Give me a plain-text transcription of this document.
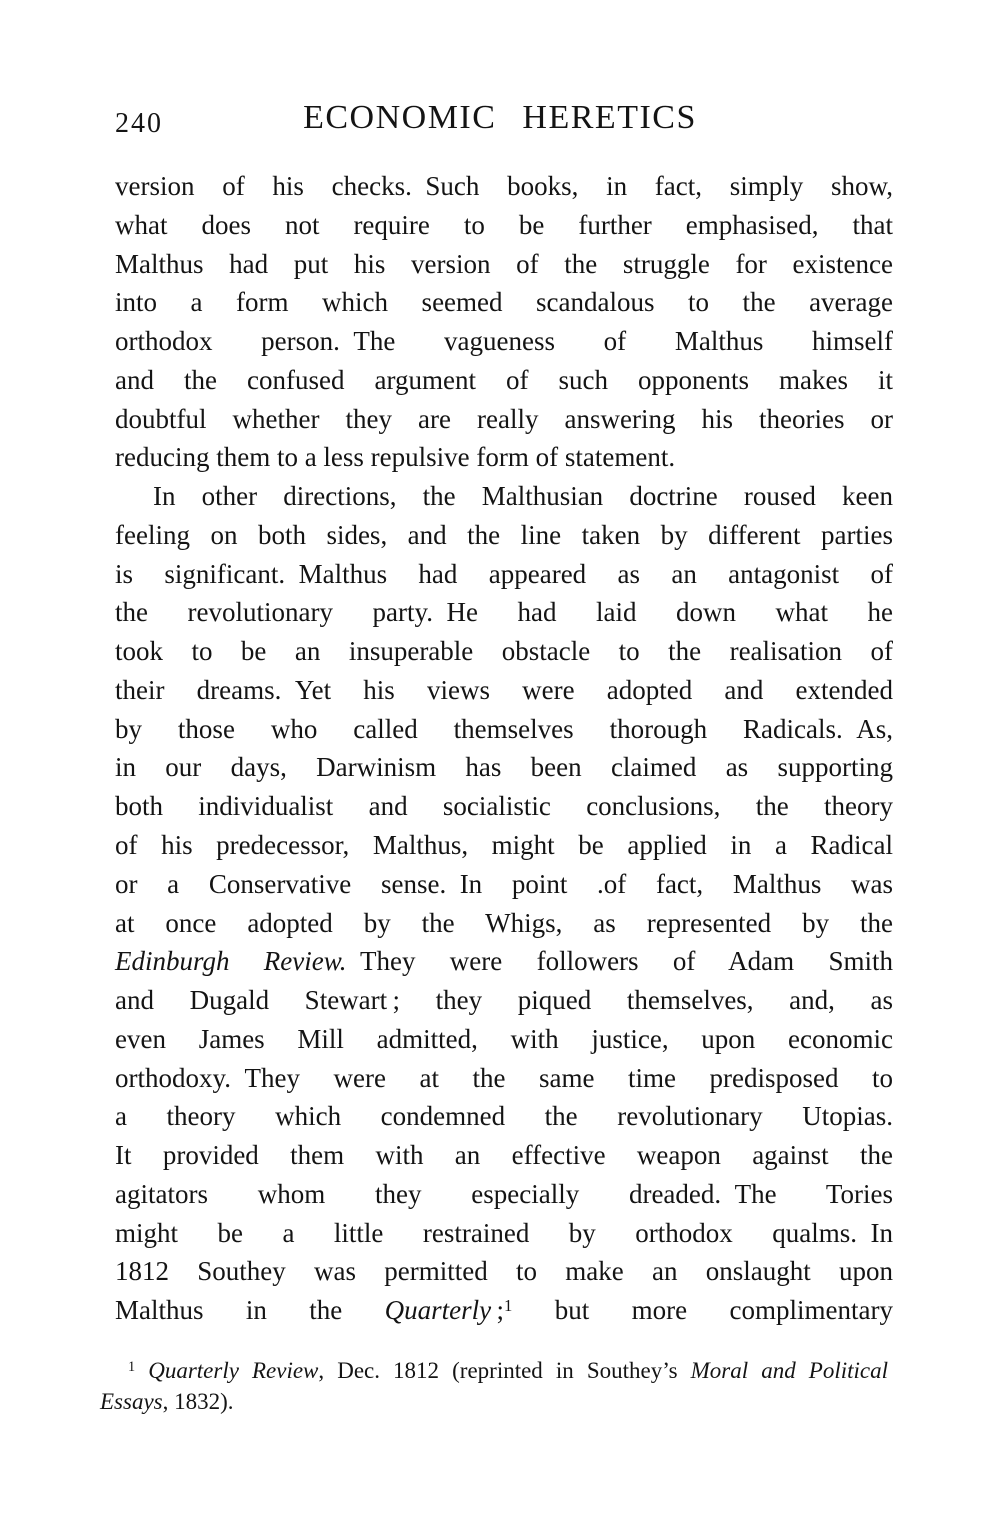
240	ECONOMIC HERETICS
version of his checks. Such books, in fact, simply show,
what does not require to be further emphasised, that
Malthus had put his version of the struggle for existence
into a form which seemed scandalous to the average
orthodox person. The vagueness of Malthus himself
and the confused argument of such opponents makes it
doubtful whether they are really answering his theories or
reducing them to a less repulsive form of statement.
In other directions, the Malthusian doctrine roused keen
feeling on both sides, and the line taken by different parties
is significant. Malthus had appeared as an antagonist of
the revolutionary party. He had laid down what he
took to be an insuperable obstacle to the realisation of
their dreams. Yet his views were adopted and extended
by those who called themselves thorough Radicals. As,
in our days, Darwinism has been claimed as supporting
both individualist and socialistic conclusions, the theory
of his predecessor, Malthus, might be applied in a Radical
or a Conservative sense. In point .of fact, Malthus was
at once adopted by the Whigs, as represented by the
Edinburgh Review. They were followers of Adam Smith
and Dugald Stewart ; they piqued themselves, and, as
even James Mill admitted, with justice, upon economic
orthodoxy. They were at the same time predisposed to
a theory which condemned the revolutionary Utopias.
It provided them with an effective weapon against the
agitators whom they especially dreaded. The Tories
might be a little restrained by orthodox qualms. In
1812 Southey was permitted to make an onslaught upon
Malthus in the Quarterly ;$^1$ but more complimentary
$^1$ Quarterly Review, Dec. 1812 (reprinted in Southey’s Moral and Political
Essays, 1832).
